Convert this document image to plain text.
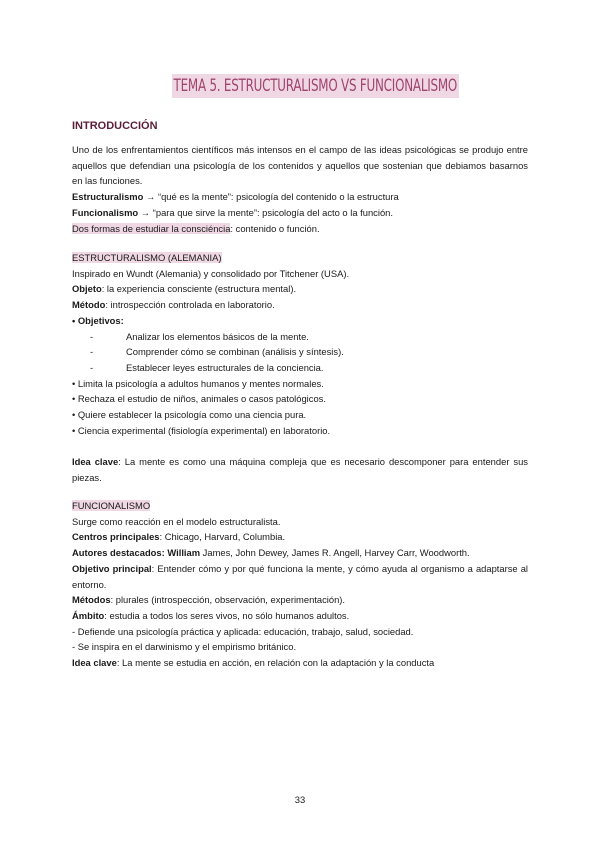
TEMA 5. ESTRUCTURALISMO VS FUNCIONALISMO
INTRODUCCIÓN
Uno de los enfrentamientos científicos más intensos en el campo de las ideas psicológicas se produjo entre aquellos que defendian una psicología de los contenidos y aquellos que sostenian que debiamos basarnos en las funciones.
Estructuralismo → “qué es la mente”: psicología del contenido o la estructura
Funcionalismo → “para que sirve la mente”: psicología del acto o la función.
Dos formas de estudiar la consciéncia: contenido o función.
ESTRUCTURALISMO (ALEMANIA)
Inspirado en Wundt (Alemania) y consolidado por Titchener (USA).
Objeto: la experiencia consciente (estructura mental).
Método: introspección controlada en laboratorio.
• Objetivos:
-	Analizar los elementos básicos de la mente.
-	Comprender cómo se combinan (análisis y síntesis).
-	Establecer leyes estructurales de la conciencia.
• Limita la psicología a adultos humanos y mentes normales.
• Rechaza el estudio de niños, animales o casos patológicos.
• Quiere establecer la psicología como una ciencia pura.
• Ciencia experimental (fisiología experimental) en laboratorio.
Idea clave: La mente es como una máquina compleja que es necesario descomponer para entender sus piezas.
FUNCIONALISMO
Surge como reacción en el modelo estructuralista.
Centros principales: Chicago, Harvard, Columbia.
Autores destacados: William James, John Dewey, James R. Angell, Harvey Carr, Woodworth.
Objetivo principal: Entender cómo y por qué funciona la mente, y cómo ayuda al organismo a adaptarse al entorno.
Métodos: plurales (introspección, observación, experimentación).
Ámbito: estudia a todos los seres vivos, no sólo humanos adultos.
- Defiende una psicología práctica y aplicada: educación, trabajo, salud, sociedad.
- Se inspira en el darwinismo y el empirismo británico.
Idea clave: La mente se estudia en acción, en relación con la adaptación y la conducta
33
